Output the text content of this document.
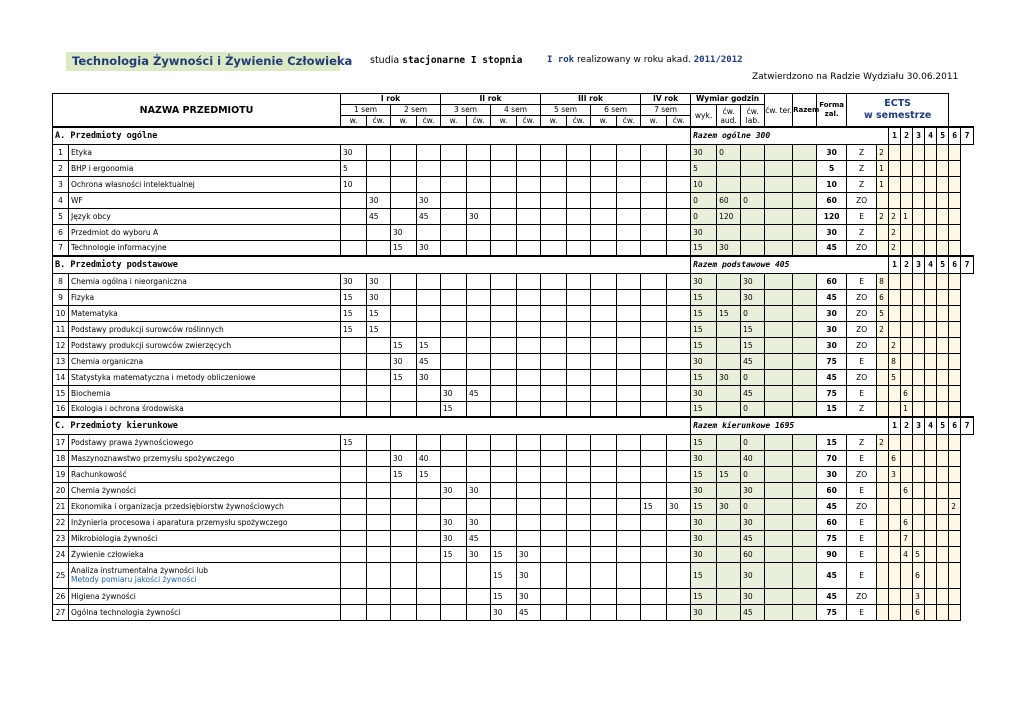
Technologia Żywności i Żywienie Człowieka studia stacjonarne I stopnia	I rok realizowany w roku akad. 2011/2012
Zatwierdzono na Radzie Wydziału 30.06.2011
NAZWA PRZEDMIOTU		I rok				II rok				III rok				IV rok		Wymiar godzin			ćw. ter.	Razem	Forma zal.	ECTS
w semestrze								

		1 sem		2 sem		3 sem		4 sem		5 sem		6 sem		7 sem		wyk.	ćw. aud.	ćw. lab.												
		w.	ćw.	w.	ćw.	w.	ćw.	w.	ćw.	w.	ćw.	w.	ćw.	w.	ćw.															
A. Przedmioty ogólne																Razem ogólne 300								1	2	3	4	5	6	7
1	Etyka	30														30	0				30	Z	2							
2	BHP i ergonomia	5														5					5	Z	1							
3	Ochrona własności intelektualnej	10														10					10	Z	1							
4	WF		30		30											0	60	0			60	ZO								
5	Język obcy		45		45		30									0	120				120	E	2	2	1					
6	Przedmiot do wyboru A			30												30					30	Z		2						
7	Technologie informacyjne			15	30											15	30				45	ZO		2						
B. Przedmioty podstawowe																Razem podstawowe 405								1	2	3	4	5	6	7
8	Chemia ogólna i nieorganiczna	30	30													30		30			60	E	8							
9	Fizyka	15	30													15		30			45	ZO	6							
10	Matematyka	15	15													15	15	0			30	ZO	5							
11	Podstawy produkcji surowców roślinnych	15	15													15		15			30	ZO	2							
12	Podstawy produkcji surowców zwierzęcych			15	15											15		15			30	ZO		2						
13	Chemia organiczna			30	45											30		45			75	E		8						
14	Statystyka matematyczna i metody obliczeniowe			15	30											15	30	0			45	ZO		5						
15	Biochemia					30	45									30		45			75	E			6					
16	Ekologia i ochrona środowiska					15										15		0			15	Z			1					
C. Przedmioty kierunkowe																Razem kierunkowe 1695								1	2	3	4	5	6	7
17	Podstawy prawa żywnościowego	15														15		0			15	Z	2							
18	Maszynoznawstwo przemysłu spożywczego			30	40											30		40			70	E		6						
19	Rachunkowość			15	15											15	15	0			30	ZO		3						
20	Chemia żywności					30	30									30		30			60	E			6					
21	Ekonomika i organizacja przedsiębiorstw żywnościowych													15	30	15	30	0			45	ZO							2	
22	Inżynieria procesowa i aparatura przemysłu spożywczego					30	30									30		30			60	E			6					
23	Mikrobiologia żywności					30	45									30		45			75	E			7					
24	Żywienie człowieka					15	30	15	30							30		60			90	E			4	5				
25	Analiza instrumentalna żywności lub
Metody pomiaru jakości żywności							15	30							15		30			45	E				6				
26	Higiena żywności							15	30							15		30			45	ZO				3				
27	Ogólna technologia żywności							30	45							30		45			75	E				6				
